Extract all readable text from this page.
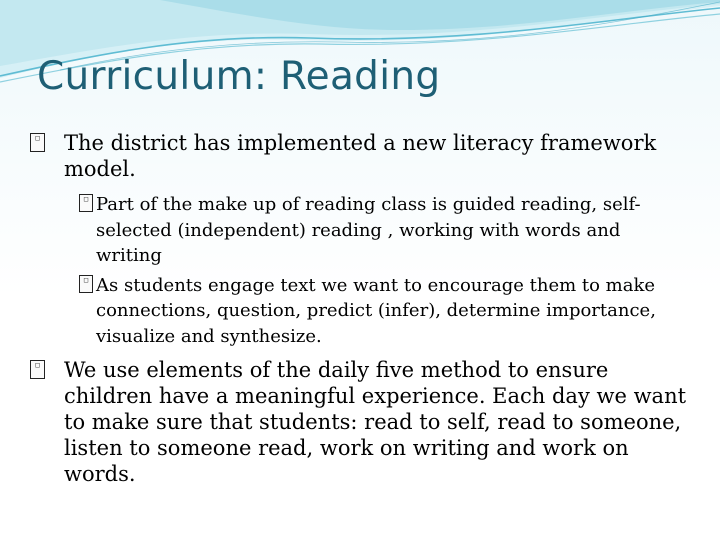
Curriculum: Reading
□ The district has implemented a new literacy framework model.
□ Part of the make up of reading class is guided reading, self-selected (independent) reading , working with words and writing
□ As students engage text we want to encourage them to make connections, question, predict (infer), determine importance, visualize and synthesize.
□ We use elements of the daily five method to ensure children have a meaningful experience. Each day we want to make sure that students: read to self, read to someone, listen to someone read, work on writing and work on words.
